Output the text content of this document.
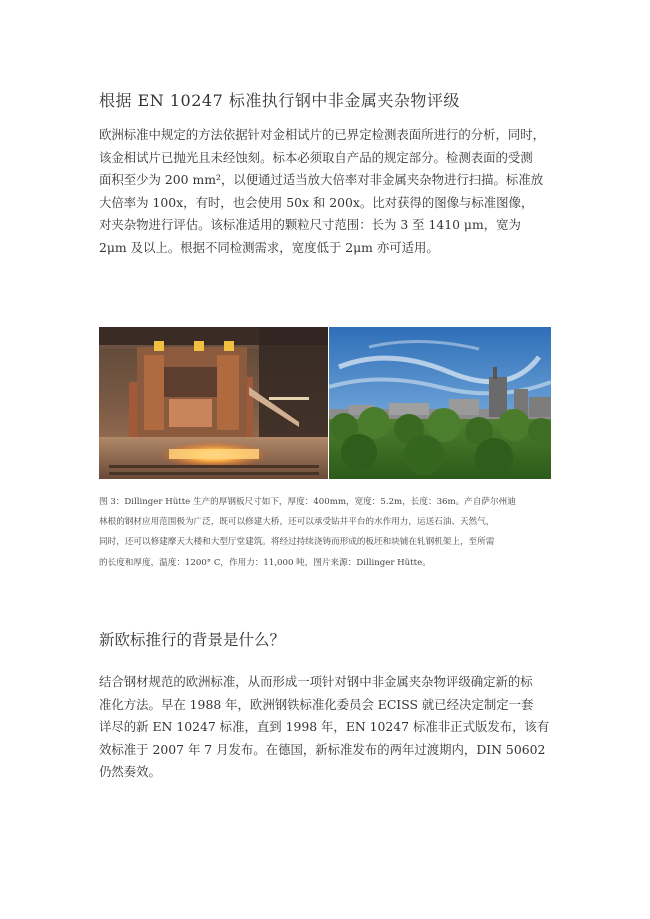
根据 EN 10247 标准执行钢中非金属夹杂物评级

欧洲标准中规定的方法依据针对金相试片的已界定检测表面所进行的分析，同时，

该金相试片已抛光且未经蚀刻。标本必须取自产品的规定部分。检测表面的受测

面积至少为 200 mm²，以便通过适当放大倍率对非金属夹杂物进行扫描。标准放

大倍率为 100x，有时，也会使用 50x 和 200x。比对获得的图像与标准图像，

对夹杂物进行评估。该标准适用的颗粒尺寸范围：长为 3 至 1410 μm，宽为

2μm 及以上。根据不同检测需求，宽度低于 2μm 亦可适用。

图 3：Dillinger Hütte 生产的厚钢板尺寸如下，厚度：400mm，宽度：5.2m，长度：36m。产自萨尔州迪

林根的钢材应用范围极为广泛，既可以修建大桥，还可以承受钻井平台的水作用力，运送石油、天然气，

同时，还可以修建摩天大楼和大型厅堂建筑。将经过持续浇铸而形成的板坯和块铺在轧钢机架上，至所需

的长度和厚度，温度：1200° C，作用力：11,000 吨，图片来源：Dillinger Hütte。

新欧标推行的背景是什么？

结合钢材规范的欧洲标准，从而形成一项针对钢中非金属夹杂物评级确定新的标

准化方法。早在 1988 年，欧洲钢铁标准化委员会 ECISS 就已经决定制定一套

详尽的新 EN 10247 标准，直到 1998 年，EN 10247 标准非正式版发布，该有

效标准于 2007 年 7 月发布。在德国，新标准发布的两年过渡期内，DIN 50602

仍然奏效。
